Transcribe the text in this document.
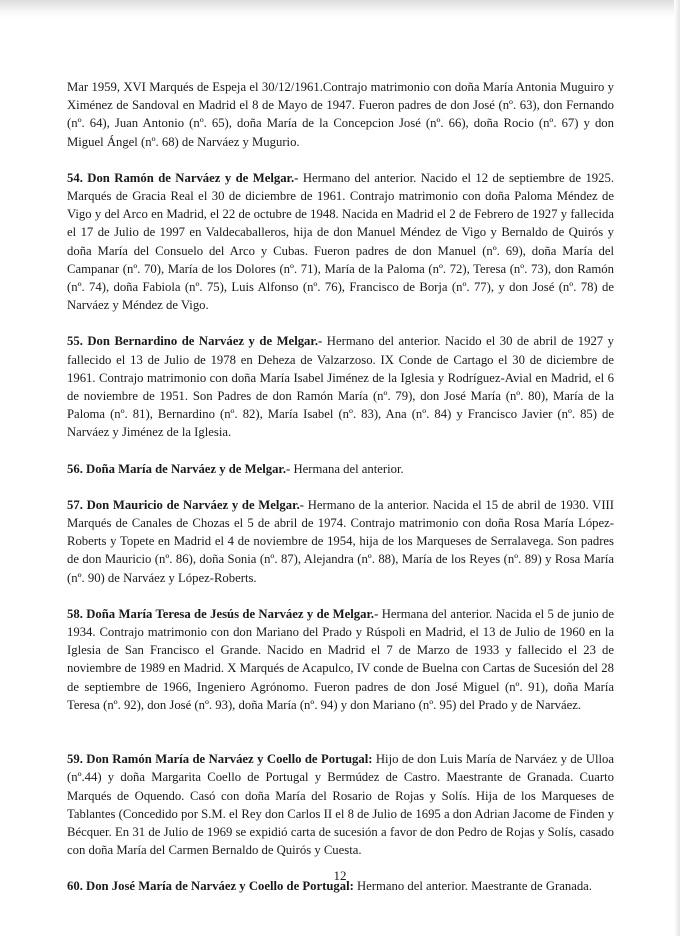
Mar 1959, XVI Marqués de Espeja el 30/12/1961.Contrajo matrimonio con doña María Antonia Muguiro y Ximénez de Sandoval en Madrid el 8 de Mayo de 1947. Fueron padres de don José (nº. 63), don Fernando (nº. 64), Juan Antonio (nº. 65), doña María de la Concepcion José (nº. 66), doña Rocio (nº. 67) y don Miguel Ángel (nº. 68) de Narváez y Mugurio.

54. Don Ramón de Narváez y de Melgar.- Hermano del anterior. Nacido el 12 de septiembre de 1925. Marqués de Gracia Real el 30 de diciembre de 1961. Contrajo matrimonio con doña Paloma Méndez de Vigo y del Arco en Madrid, el 22 de octubre de 1948. Nacida en Madrid el 2 de Febrero de 1927 y fallecida el 17 de Julio de 1997 en Valdecaballeros, hija de don Manuel Méndez de Vigo y Bernaldo de Quirós y doña María del Consuelo del Arco y Cubas. Fueron padres de don Manuel (nº. 69), doña María del Campanar (nº. 70), María de los Dolores (nº. 71), María de la Paloma (nº. 72), Teresa (nº. 73), don Ramón (nº. 74), doña Fabiola (nº. 75), Luis Alfonso (nº. 76), Francisco de Borja (nº. 77), y don José (nº. 78) de Narváez y Méndez de Vigo.

55. Don Bernardino de Narváez y de Melgar.- Hermano del anterior. Nacido el 30 de abril de 1927 y fallecido el 13 de Julio de 1978 en Deheza de Valzarzoso. IX Conde de Cartago el 30 de diciembre de 1961. Contrajo matrimonio con doña María Isabel Jiménez de la Iglesia y Rodríguez-Avial en Madrid, el 6 de noviembre de 1951. Son Padres de don Ramón María (nº. 79), don José María (nº. 80), María de la Paloma (nº. 81), Bernardino (nº. 82), María Isabel (nº. 83), Ana (nº. 84) y Francisco Javier (nº. 85) de Narváez y Jiménez de la Iglesia.

56. Doña María de Narváez y de Melgar.- Hermana del anterior.

57. Don Mauricio de Narváez y de Melgar.- Hermano de la anterior. Nacida el 15 de abril de 1930. VIII Marqués de Canales de Chozas el 5 de abril de 1974. Contrajo matrimonio con doña Rosa María López-Roberts y Topete en Madrid el 4 de noviembre de 1954, hija de los Marqueses de Serralavega. Son padres de don Mauricio (nº. 86), doña Sonia (nº. 87), Alejandra (nº. 88), María de los Reyes (nº. 89) y Rosa María (nº. 90) de Narváez y López-Roberts.

58. Doña María Teresa de Jesús de Narváez y de Melgar.- Hermana del anterior. Nacida el 5 de junio de 1934. Contrajo matrimonio con don Mariano del Prado y Rúspoli en Madrid, el 13 de Julio de 1960 en la Iglesia de San Francisco el Grande. Nacido en Madrid el 7 de Marzo de 1933 y fallecido el 23 de noviembre de 1989 en Madrid. X Marqués de Acapulco, IV conde de Buelna con Cartas de Sucesión del 28 de septiembre de 1966, Ingeniero Agrónomo. Fueron padres de don José Miguel (nº. 91), doña María Teresa (nº. 92), don José (nº. 93), doña María (nº. 94) y don Mariano (nº. 95) del Prado y de Narváez.

59. Don Ramón María de Narváez y Coello de Portugal: Hijo de don Luis María de Narváez y de Ulloa (nº.44) y doña Margarita Coello de Portugal y Bermúdez de Castro. Maestrante de Granada. Cuarto Marqués de Oquendo. Casó con doña María del Rosario de Rojas y Solís. Hija de los Marqueses de Tablantes (Concedido por S.M. el Rey don Carlos II el 8 de Julio de 1695 a don Adrian Jacome de Finden y Bécquer. En 31 de Julio de 1969 se expidió carta de sucesión a favor de don Pedro de Rojas y Solís, casado con doña María del Carmen Bernaldo de Quirós y Cuesta.

60. Don José María de Narváez y Coello de Portugal: Hermano del anterior. Maestrante de Granada.

12
